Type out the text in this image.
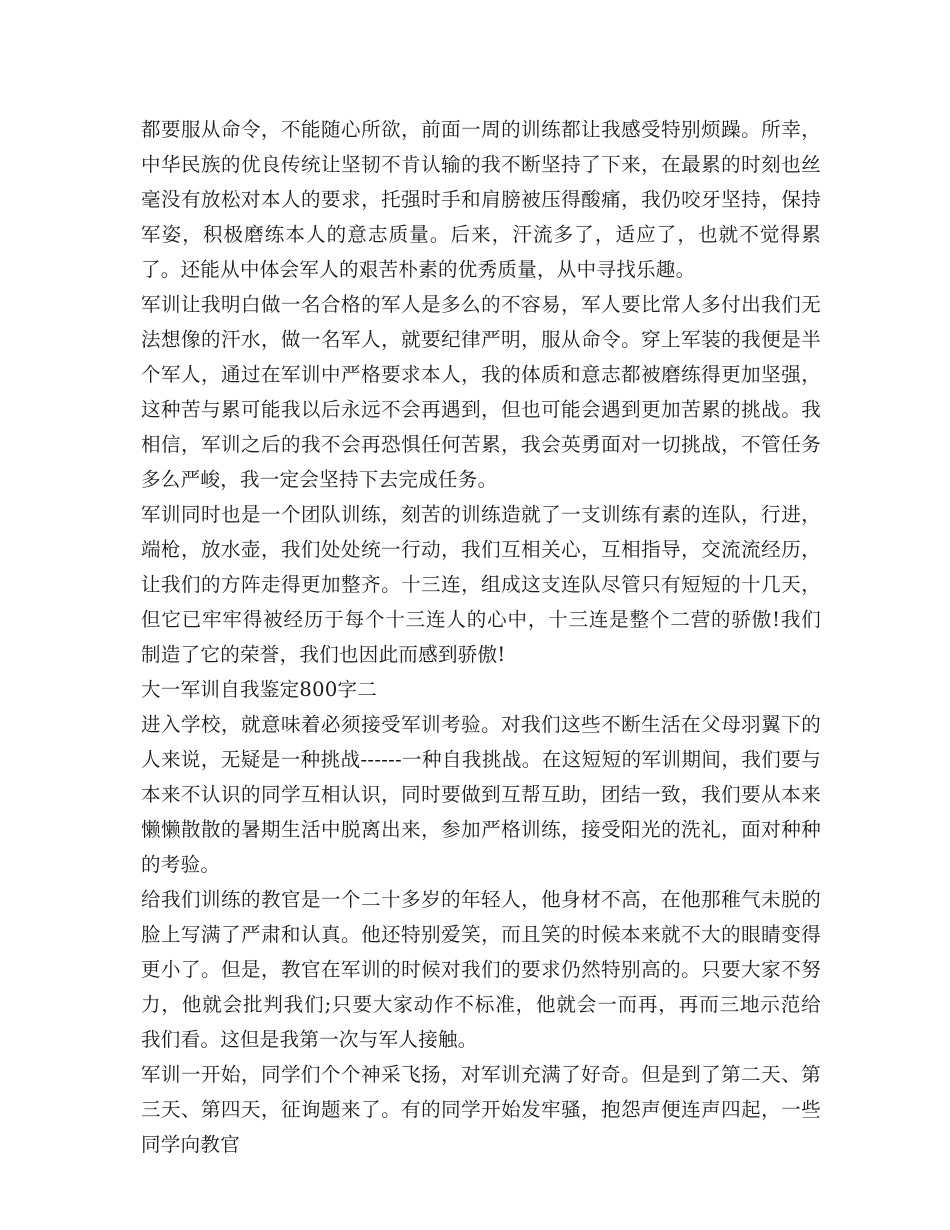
都要服从命令，不能随心所欲，前面一周的训练都让我感受特别烦躁。所幸，中华民族的优良传统让坚韧不肯认输的我不断坚持了下来，在最累的时刻也丝毫没有放松对本人的要求，托强时手和肩膀被压得酸痛，我仍咬牙坚持，保持军姿，积极磨练本人的意志质量。后来，汗流多了，适应了，也就不觉得累了。还能从中体会军人的艰苦朴素的优秀质量，从中寻找乐趣。

军训让我明白做一名合格的军人是多么的不容易，军人要比常人多付出我们无法想像的汗水，做一名军人，就要纪律严明，服从命令。穿上军装的我便是半个军人，通过在军训中严格要求本人，我的体质和意志都被磨练得更加坚强，这种苦与累可能我以后永远不会再遇到，但也可能会遇到更加苦累的挑战。我相信，军训之后的我不会再恐惧任何苦累，我会英勇面对一切挑战，不管任务多么严峻，我一定会坚持下去完成任务。

军训同时也是一个团队训练，刻苦的训练造就了一支训练有素的连队，行进，端枪，放水壶，我们处处统一行动，我们互相关心，互相指导，交流流经历，让我们的方阵走得更加整齐。十三连，组成这支连队尽管只有短短的十几天，但它已牢牢得被经历于每个十三连人的心中，十三连是整个二营的骄傲!我们制造了它的荣誉，我们也因此而感到骄傲!

大一军训自我鉴定800字二

进入学校，就意味着必须接受军训考验。对我们这些不断生活在父母羽翼下的人来说，无疑是一种挑战------一种自我挑战。在这短短的军训期间，我们要与本来不认识的同学互相认识，同时要做到互帮互助，团结一致，我们要从本来懒懒散散的暑期生活中脱离出来，参加严格训练，接受阳光的洗礼，面对种种的考验。

给我们训练的教官是一个二十多岁的年轻人，他身材不高，在他那稚气未脱的脸上写满了严肃和认真。他还特别爱笑，而且笑的时候本来就不大的眼睛变得更小了。但是，教官在军训的时候对我们的要求仍然特别高的。只要大家不努力，他就会批判我们;只要大家动作不标准，他就会一而再，再而三地示范给我们看。这但是我第一次与军人接触。

军训一开始，同学们个个神采飞扬，对军训充满了好奇。但是到了第二天、第三天、第四天，征询题来了。有的同学开始发牢骚，抱怨声便连声四起，一些同学向教官
